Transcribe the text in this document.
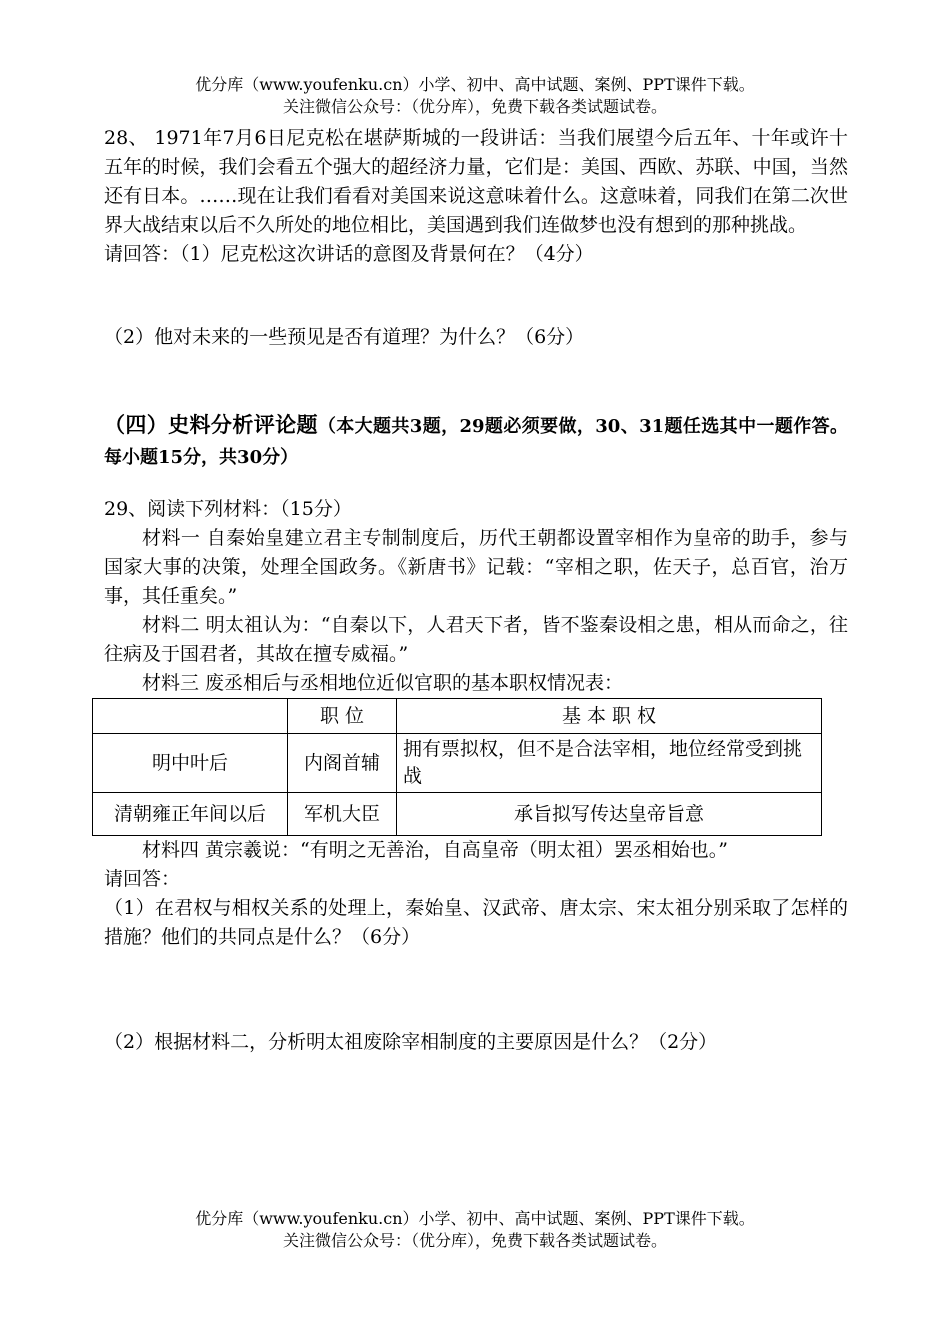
优分库（www.youfenku.cn）小学、初中、高中试题、案例、PPT课件下载。
关注微信公众号：（优分库），免费下载各类试题试卷。

28、 1971年7月6日尼克松在堪萨斯城的一段讲话：当我们展望今后五年、十年或许十五年的时候，我们会看五个强大的超经济力量，它们是：美国、西欧、苏联、中国，当然还有日本。……现在让我们看看对美国来说这意味着什么。这意味着，同我们在第二次世界大战结束以后不久所处的地位相比，美国遇到我们连做梦也没有想到的那种挑战。

请回答：（1）尼克松这次讲话的意图及背景何在？（4分）

（2）他对未来的一些预见是否有道理？为什么？（6分）

（四）史料分析评论题（本大题共3题，29题必须要做，30、31题任选其中一题作答。每小题15分，共30分）

29、阅读下列材料：（15分）

材料一 自秦始皇建立君主专制制度后，历代王朝都设置宰相作为皇帝的助手，参与国家大事的决策，处理全国政务。《新唐书》记载：“宰相之职，佐天子，总百官，治万事，其任重矣。”

材料二 明太祖认为：“自秦以下，人君天下者，皆不鉴秦设相之患，相从而命之，往往病及于国君者，其故在擅专威福。”

材料三 废丞相后与丞相地位近似官职的基本职权情况表：

	职 位	基 本 职 权
明中叶后	内阁首辅	拥有票拟权，但不是合法宰相，地位经常受到挑战
清朝雍正年间以后	军机大臣	承旨拟写传达皇帝旨意

材料四 黄宗羲说：“有明之无善治，自高皇帝（明太祖）罢丞相始也。”

请回答：

（1）在君权与相权关系的处理上，秦始皇、汉武帝、唐太宗、宋太祖分别采取了怎样的措施？他们的共同点是什么？（6分）

（2）根据材料二，分析明太祖废除宰相制度的主要原因是什么？（2分）

优分库（www.youfenku.cn）小学、初中、高中试题、案例、PPT课件下载。
关注微信公众号：（优分库），免费下载各类试题试卷。
